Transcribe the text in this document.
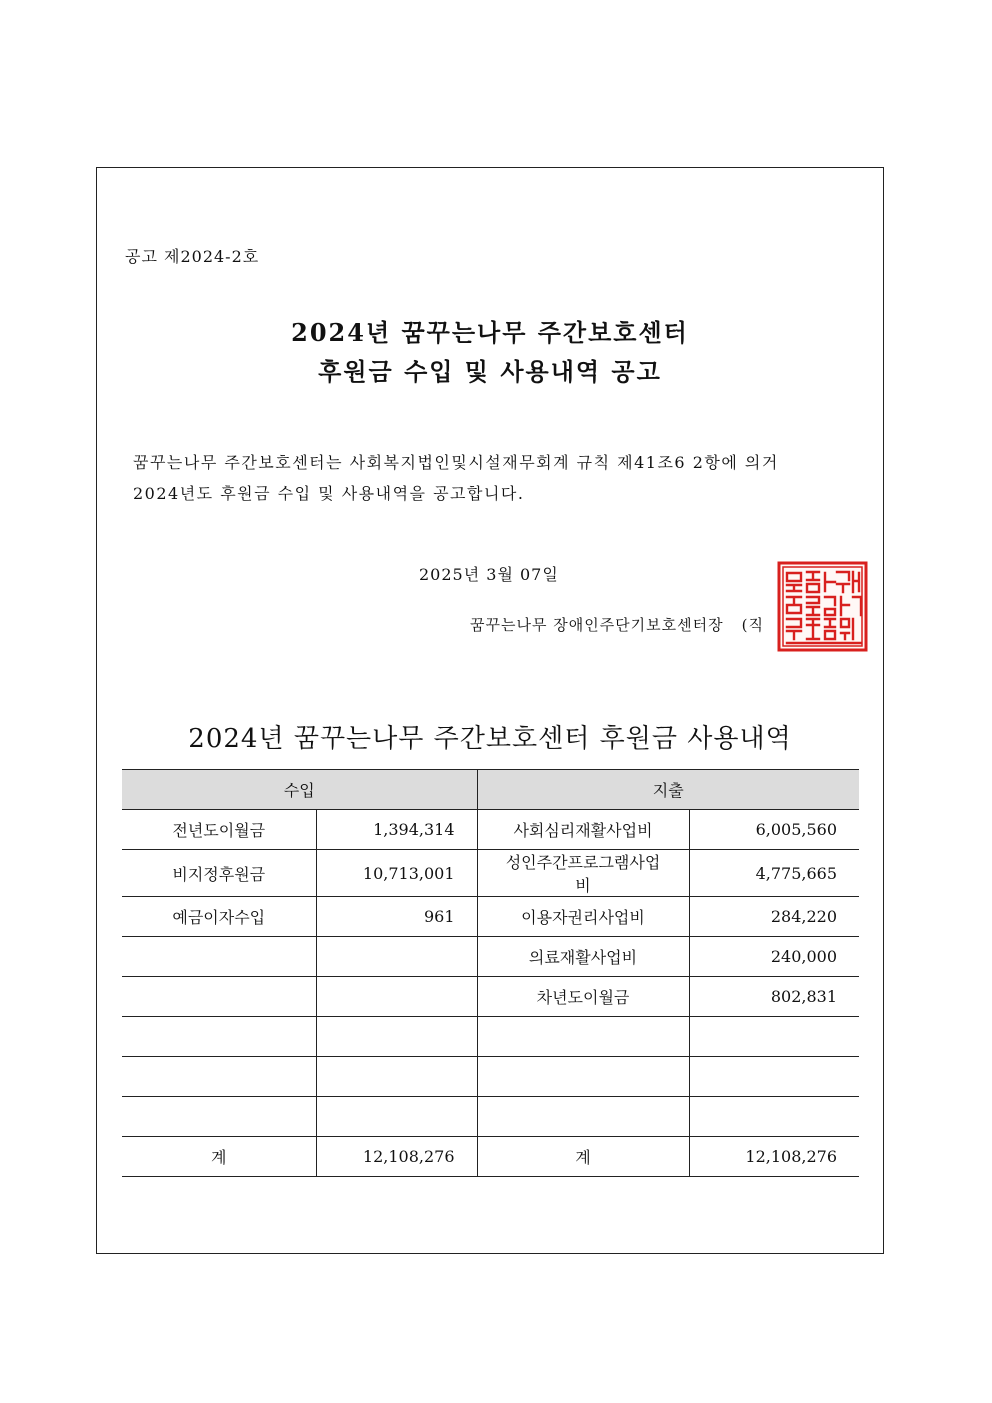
공고 제2024-2호
2024년 꿈꾸는나무 주간보호센터
후원금 수입 및 사용내역 공고
꿈꾸는나무 주간보호센터는 사회복지법인및시설재무회계 규칙 제41조6 2항에 의거
2024년도 후원금 수입 및 사용내역을 공고합니다.
2025년 3월 07일
꿈꾸는나무 장애인주단기보호센터장 (직
2024년 꿈꾸는나무 주간보호센터 후원금 사용내역
수입		지출	
전년도이월금	1,394,314	사회심리재활사업비	6,005,560
비지정후원금	10,713,001	성인주간프로그램사업비	4,775,665
예금이자수입	961	이용자권리사업비	284,220
		의료재활사업비	240,000
		차년도이월금	802,831

계	12,108,276	계	12,108,276
